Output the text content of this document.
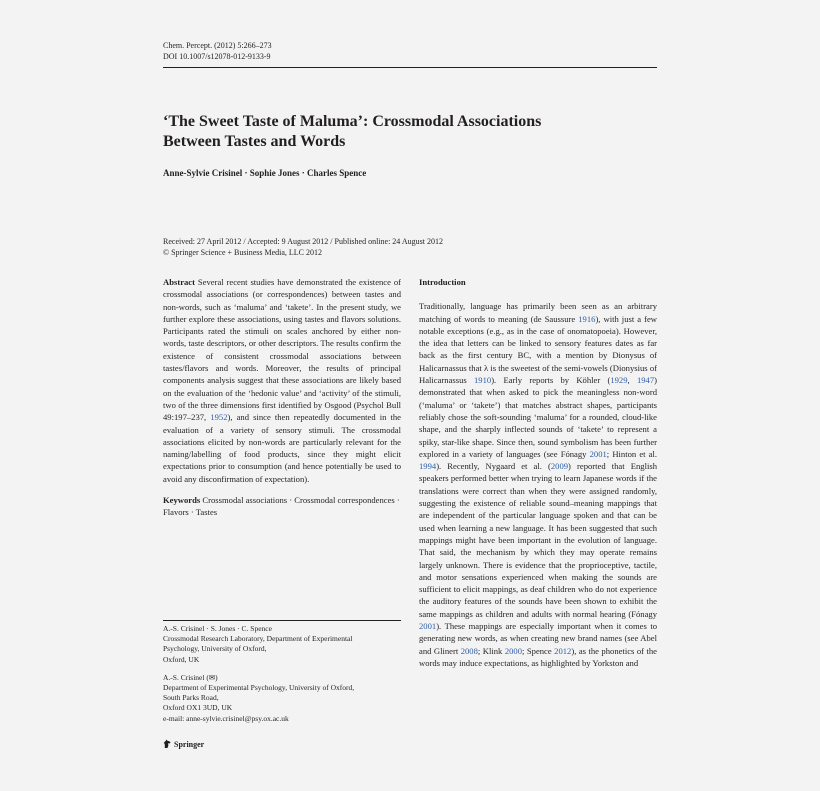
Chem. Percept. (2012) 5:266–273
DOI 10.1007/s12078-012-9133-9
‘The Sweet Taste of Maluma’: Crossmodal Associations
Between Tastes and Words
Anne-Sylvie Crisinel · Sophie Jones · Charles Spence
Received: 27 April 2012 / Accepted: 9 August 2012 / Published online: 24 August 2012
© Springer Science + Business Media, LLC 2012

Abstract Several recent studies have demonstrated the existence of crossmodal associations (or correspondences) between tastes and non-words, such as ‘maluma’ and ‘takete’. In the present study, we further explore these associations, using tastes and flavors solutions. Participants rated the stimuli on scales anchored by either non-words, taste descriptors, or other descriptors. The results confirm the existence of consistent crossmodal associations between tastes/flavors and words. Moreover, the results of principal components analysis suggest that these associations are likely based on the evaluation of the ‘hedonic value’ and ‘activity’ of the stimuli, two of the three dimensions first identified by Osgood (Psychol Bull 49:197–237, 1952), and since then repeatedly documented in the evaluation of a variety of sensory stimuli. The crossmodal associations elicited by non-words are particularly relevant for the naming/labelling of food products, since they might elicit expectations prior to consumption (and hence potentially be used to avoid any disconfirmation of expectation).

Keywords Crossmodal associations · Crossmodal correspondences · Flavors · Tastes

A.-S. Crisinel · S. Jones · C. Spence

Crossmodal Research Laboratory, Department of Experimental

Psychology, University of Oxford,

Oxford, UK

A.-S. Crisinel (✉)

Department of Experimental Psychology, University of Oxford,

South Parks Road,

Oxford OX1 3UD, UK

e-mail: anne-sylvie.crisinel@psy.ox.ac.uk

Springer
Introduction

Traditionally, language has primarily been seen as an arbitrary matching of words to meaning (de Saussure 1916), with just a few notable exceptions (e.g., as in the case of onomatopoeia). However, the idea that letters can be linked to sensory features dates as far back as the first century BC, with a mention by Dionysus of Halicarnassus that λ is the sweetest of the semi-vowels (Dionysius of Halicarnassus 1910). Early reports by Köhler (1929, 1947) demonstrated that when asked to pick the meaningless non-word (‘maluma’ or ‘takete’) that matches abstract shapes, participants reliably chose the soft-sounding ‘maluma’ for a rounded, cloud-like shape, and the sharply inflected sounds of ‘takete’ to represent a spiky, star-like shape. Since then, sound symbolism has been further explored in a variety of languages (see Fónagy 2001; Hinton et al. 1994). Recently, Nygaard et al. (2009) reported that English speakers performed better when trying to learn Japanese words if the translations were correct than when they were assigned randomly, suggesting the existence of reliable sound–meaning mappings that are independent of the particular language spoken and that can be used when learning a new language. It has been suggested that such mappings might have been important in the evolution of language. That said, the mechanism by which they may operate remains largely unknown. There is evidence that the proprioceptive, tactile, and motor sensations experienced when making the sounds are sufficient to elicit mappings, as deaf children who do not experience the auditory features of the sounds have been shown to exhibit the same mappings as children and adults with normal hearing (Fónagy 2001). These mappings are especially important when it comes to generating new words, as when creating new brand names (see Abel and Glinert 2008; Klink 2000; Spence 2012), as the phonetics of the words may induce expectations, as highlighted by Yorkston and
